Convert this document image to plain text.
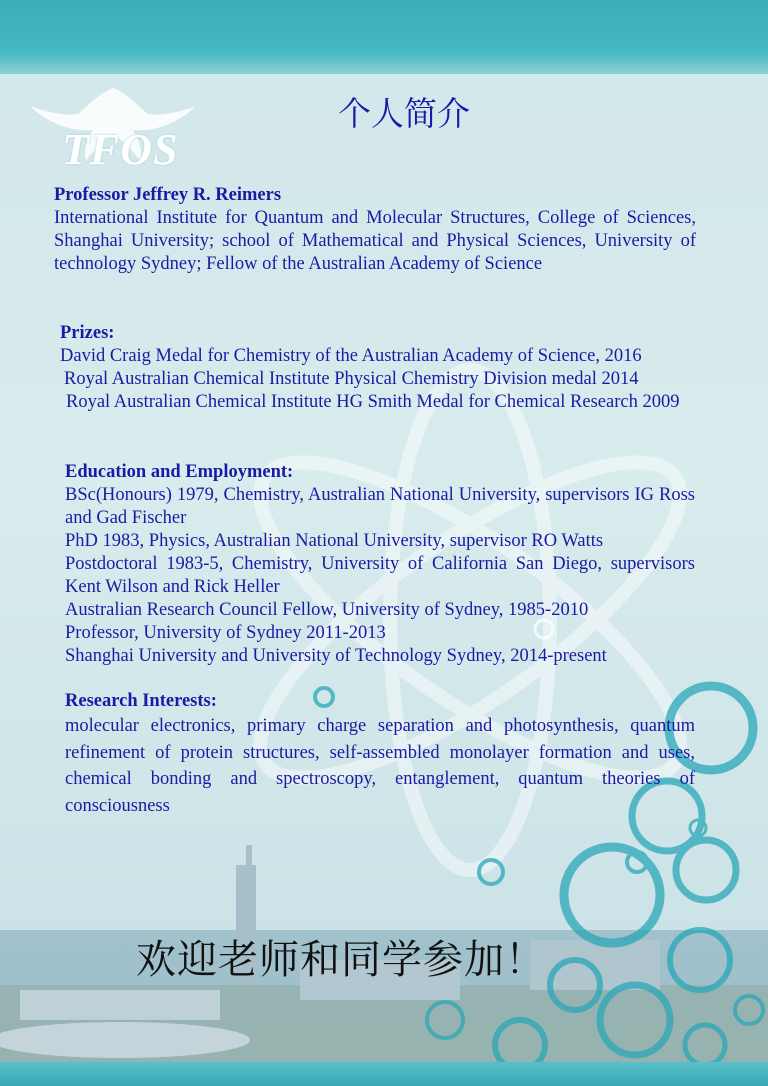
TFOS
个人简介
Professor Jeffrey R. Reimers
International Institute for Quantum and Molecular Structures, College of Sciences, Shanghai University; school of Mathematical and Physical Sciences, University of technology Sydney; Fellow of the Australian Academy of Science
Prizes:
David Craig Medal for Chemistry of the Australian Academy of Science, 2016
Royal Australian Chemical Institute Physical Chemistry Division medal 2014
Royal Australian Chemical Institute HG Smith Medal for Chemical Research 2009
Education and Employment:
BSc(Honours) 1979, Chemistry, Australian National University, supervisors IG Ross and Gad Fischer
PhD 1983, Physics, Australian National University, supervisor RO Watts
Postdoctoral 1983-5, Chemistry, University of California San Diego, supervisors Kent Wilson and Rick Heller
Australian Research Council Fellow, University of Sydney, 1985-2010
Professor, University of Sydney 2011-2013
Shanghai University and University of Technology Sydney, 2014-present
Research Interests:
molecular electronics, primary charge separation and photosynthesis, quantum refinement of protein structures, self-assembled monolayer formation and uses, chemical bonding and spectroscopy, entanglement, quantum theories of consciousness
欢迎老师和同学参加！
